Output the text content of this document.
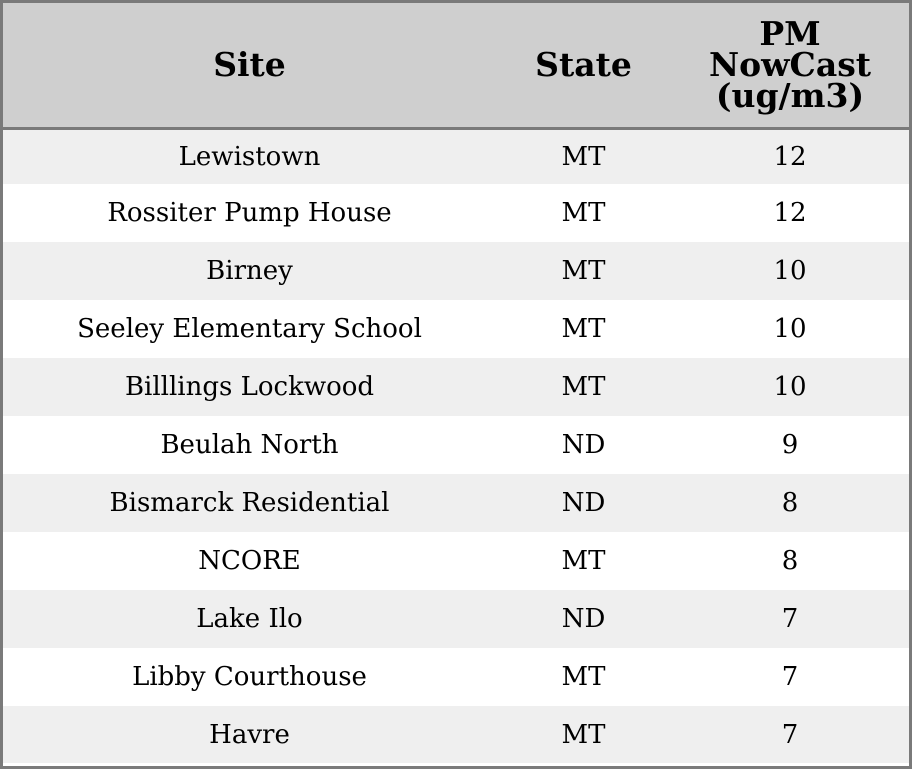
Site	State	PM NowCast (ug/m3)
Lewistown	MT	12
Rossiter Pump House	MT	12
Birney	MT	10
Seeley Elementary School	MT	10
Billlings Lockwood	MT	10
Beulah North	ND	9
Bismarck Residential	ND	8
NCORE	MT	8
Lake Ilo	ND	7
Libby Courthouse	MT	7
Havre	MT	7
